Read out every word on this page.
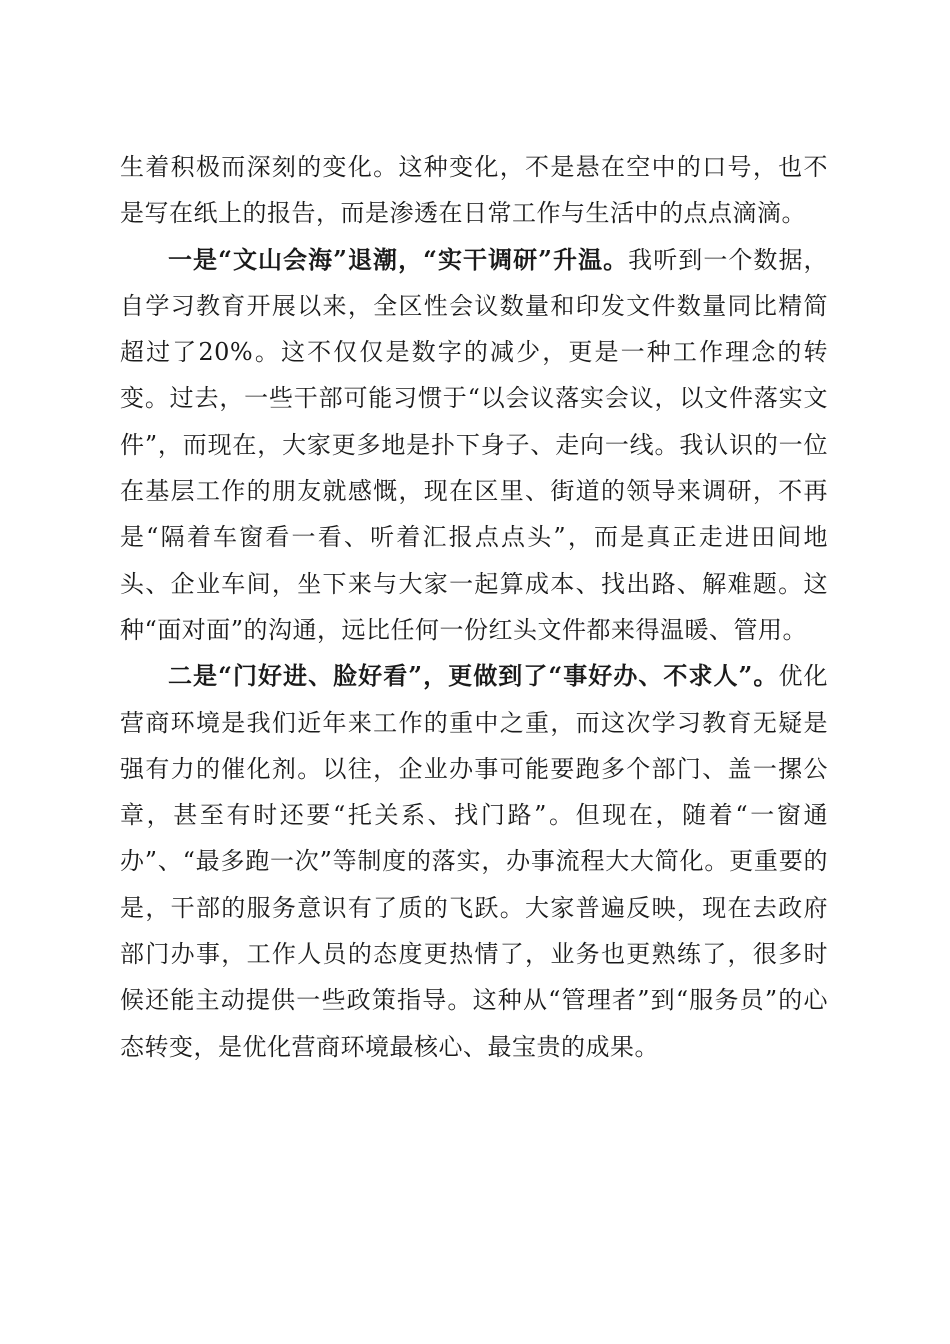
生着积极而深刻的变化。这种变化，不是悬在空中的口号，也不是写在纸上的报告，而是渗透在日常工作与生活中的点点滴滴。

一是“文山会海”退潮，“实干调研”升温。我听到一个数据，自学习教育开展以来，全区性会议数量和印发文件数量同比精简超过了20%。这不仅仅是数字的减少，更是一种工作理念的转变。过去，一些干部可能习惯于“以会议落实会议，以文件落实文件”，而现在，大家更多地是扑下身子、走向一线。我认识的一位在基层工作的朋友就感慨，现在区里、街道的领导来调研，不再是“隔着车窗看一看、听着汇报点点头”，而是真正走进田间地头、企业车间，坐下来与大家一起算成本、找出路、解难题。这种“面对面”的沟通，远比任何一份红头文件都来得温暖、管用。

二是“门好进、脸好看”，更做到了“事好办、不求人”。优化营商环境是我们近年来工作的重中之重，而这次学习教育无疑是强有力的催化剂。以往，企业办事可能要跑多个部门、盖一摞公章，甚至有时还要“托关系、找门路”。但现在，随着“一窗通办”、“最多跑一次”等制度的落实，办事流程大大简化。更重要的是，干部的服务意识有了质的飞跃。大家普遍反映，现在去政府部门办事，工作人员的态度更热情了，业务也更熟练了，很多时候还能主动提供一些政策指导。这种从“管理者”到“服务员”的心态转变，是优化营商环境最核心、最宝贵的成果。
